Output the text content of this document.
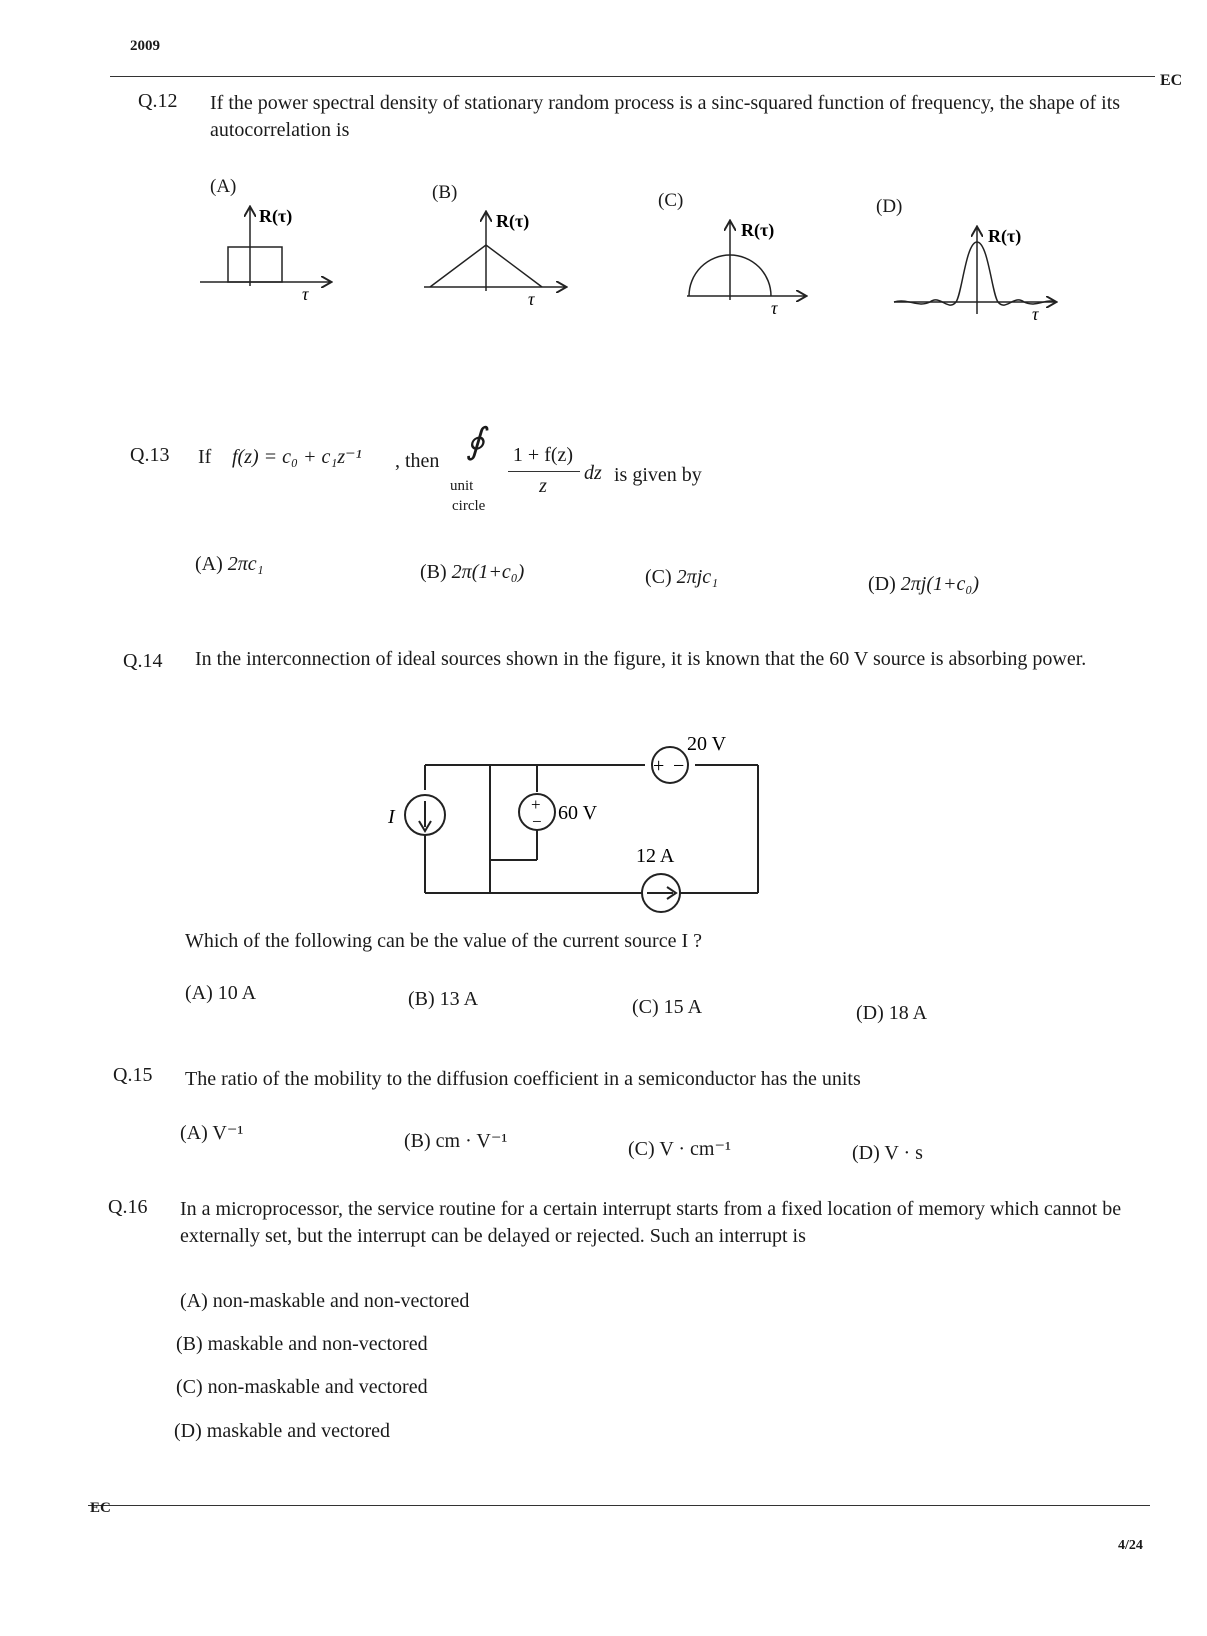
2009
EC
Q.12 If the power spectral density of stationary random process is a sinc-squared function of frequency, the shape of its autocorrelation is
(A)	(B)	(C)	(D)
R(τ)
τ
R(τ)
τ
R(τ)
τ
R(τ)
τ
Q.13 If f(z) = c₀ + c₁z⁻¹ , then ∮
unit
circle
1 + f(z)
z
dz is given by
(A) 2πc₁	(B) 2π(1+c₀)	(C) 2πjc₁	(D) 2πj(1+c₀)
Q.14 In the interconnection of ideal sources shown in the figure, it is known that the 60 V source is absorbing power.
+ −
20 V
I
+
− 60 V
12 A
Which of the following can be the value of the current source I ?
(A) 10 A	(B) 13 A	(C) 15 A	(D) 18 A
Q.15 The ratio of the mobility to the diffusion coefficient in a semiconductor has the units
(A) V⁻¹	(B) cm · V⁻¹	(C) V · cm⁻¹	(D) V · s
Q.16 In a microprocessor, the service routine for a certain interrupt starts from a fixed location of memory which cannot be externally set, but the interrupt can be delayed or rejected. Such an interrupt is
(A) non-maskable and non-vectored
(B) maskable and non-vectored
(C) non-maskable and vectored
(D) maskable and vectored
EC
4/24
